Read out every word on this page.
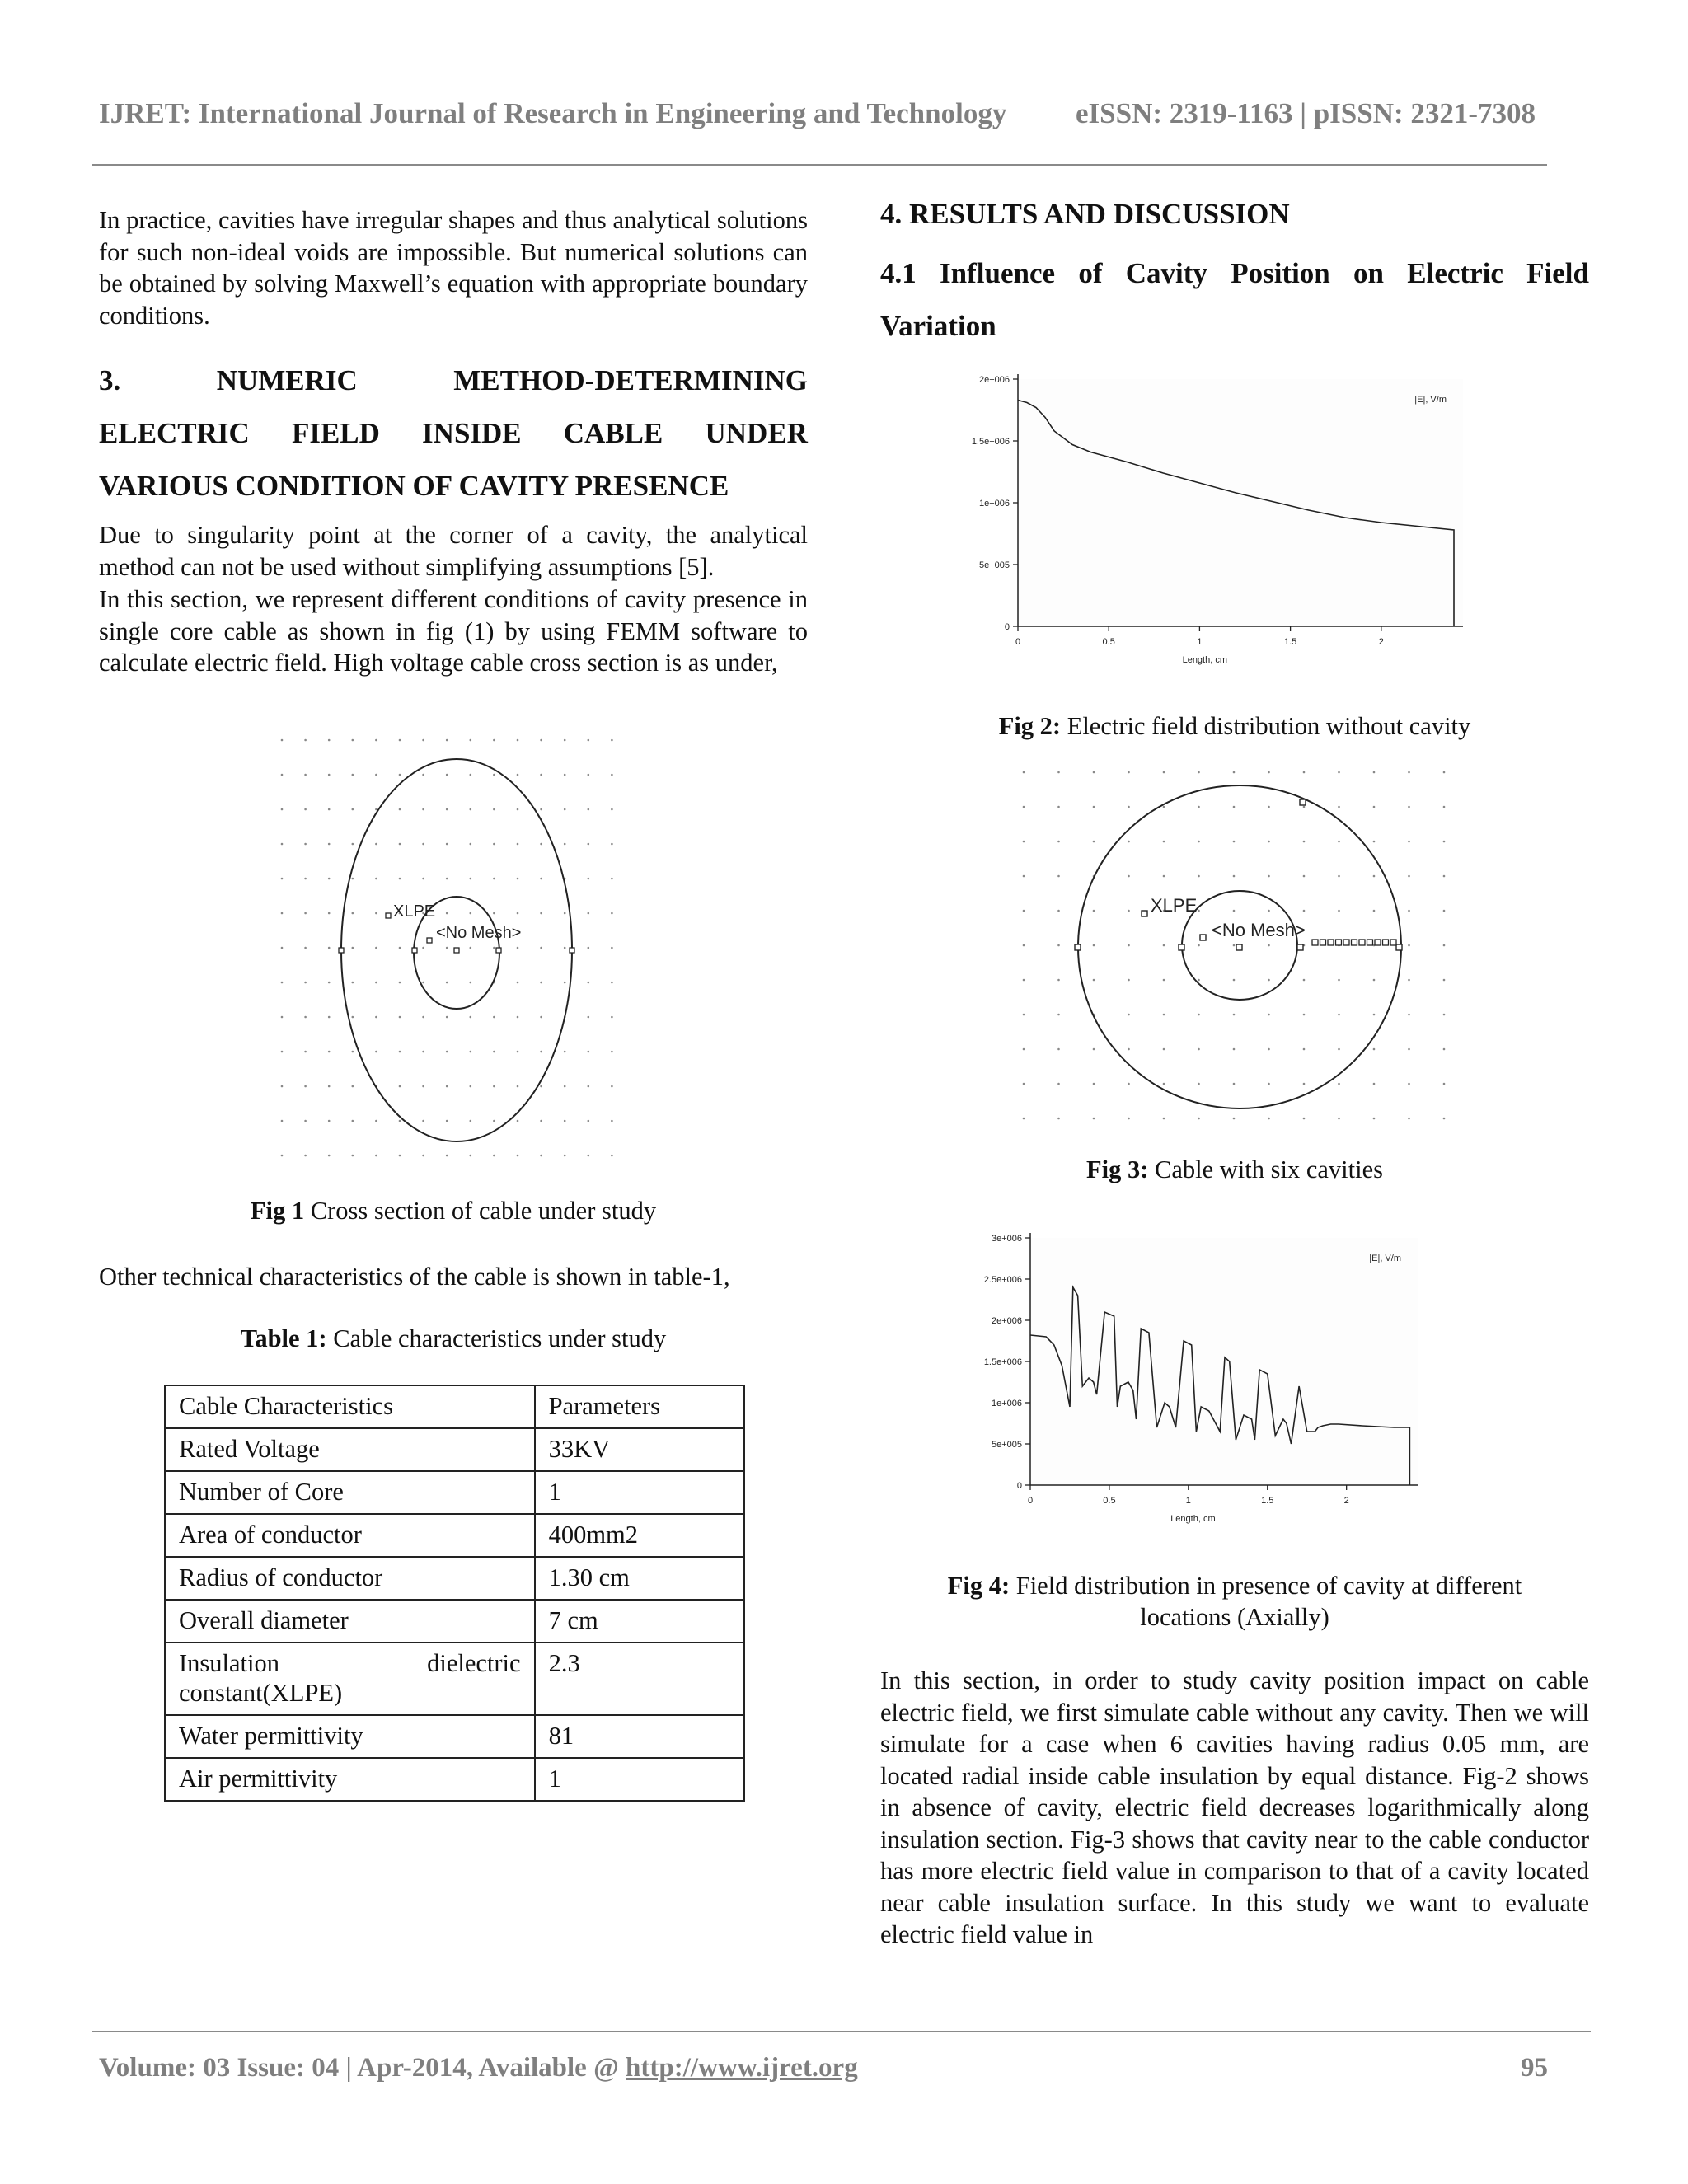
IJRET: International Journal of Research in Engineering and Technology eISSN: 2319-1163 | pISSN: 2321-7308
In practice, cavities have irregular shapes and thus analytical solutions for such non-ideal voids are impossible. But numerical solutions can be obtained by solving Maxwell’s equation with appropriate boundary conditions.
3.	NUMERIC	METHOD-DETERMINING
ELECTRIC FIELD INSIDE CABLE UNDER
VARIOUS CONDITION OF CAVITY PRESENCE
Due to singularity point at the corner of a cavity, the analytical method can not be used without simplifying assumptions [5].
In this section, we represent different conditions of cavity presence in single core cable as shown in fig (1) by using FEMM software to calculate electric field. High voltage cable cross section is as under,
XLPE
<No Mesh>
Fig 1 Cross section of cable under study
Other technical characteristics of the cable is shown in table-1,
Table 1: Cable characteristics under study
Cable Characteristics	Parameters
Rated Voltage	33KV
Number of Core	1
Area of conductor	400mm2
Radius of conductor	1.30 cm
Overall diameter	7 cm
Insulation dielectric constant(XLPE)	2.3
Water permittivity	81
Air permittivity	1
4. RESULTS AND DISCUSSION
4.1 Influence of Cavity Position on Electric Field
Variation
0
5e+005
1e+006
1.5e+006
2e+006
0	0.5	1	1.5	2
Length, cm
|E|, V/m
Fig 2: Electric field distribution without cavity
XLPE
<No Mesh>
Fig 3: Cable with six cavities
0
5e+005
1e+006
1.5e+006
2e+006
2.5e+006
3e+006
0	0.5	1	1.5	2
Length, cm
|E|, V/m
Fig 4: Field distribution in presence of cavity at different
locations (Axially)
In this section, in order to study cavity position impact on cable electric field, we first simulate cable without any cavity. Then we will simulate for a case when 6 cavities having radius 0.05 mm, are located radial inside cable insulation by equal distance. Fig-2 shows in absence of cavity, electric field decreases logarithmically along insulation section. Fig-3 shows that cavity near to the cable conductor has more electric field value in comparison to that of a cavity located near cable insulation surface. In this study we want to evaluate electric field value in
Volume: 03 Issue: 04 | Apr-2014, Available @ http://www.ijret.org	95
